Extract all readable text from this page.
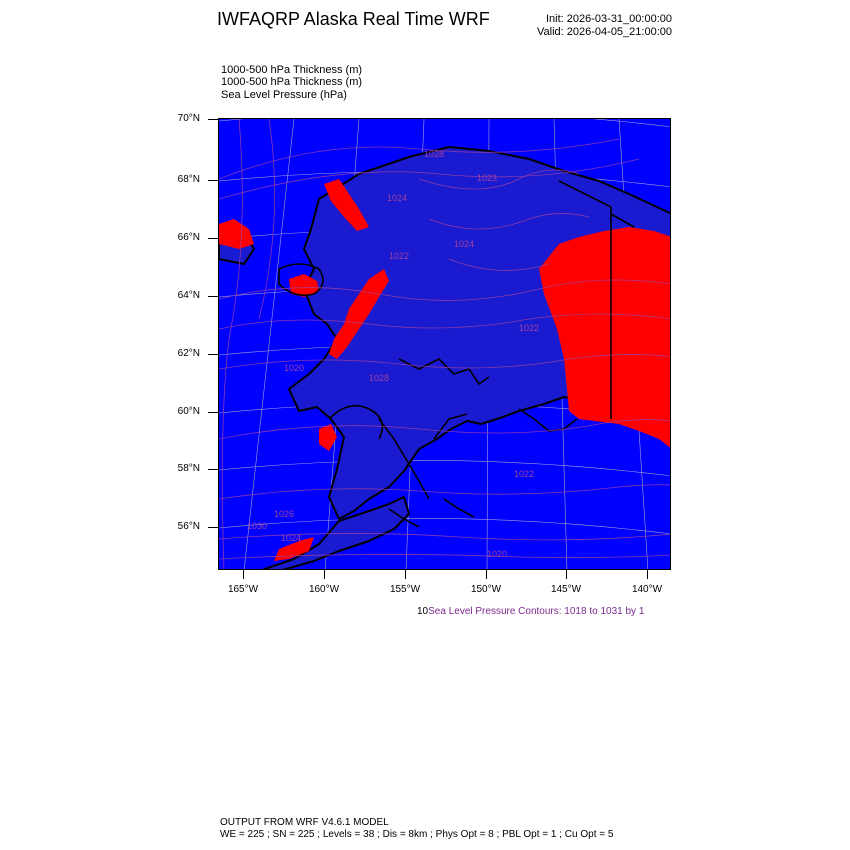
IWFAQRP Alaska Real Time WRF	Init: 2026-03-31_00:00:00
Valid: 2026-04-05_21:00:00
1000-500 hPa Thickness (m)
1000-500 hPa Thickness (m)
Sea Level Pressure (hPa)
70°N
68°N
66°N
64°N
62°N
60°N
58°N
56°N
165°W	160°W	155°W	150°W	145°W	140°W
1028
1024
1024
1023
1022
1022
1022
1020
1020
1030
1026
1028
1024
10Sea Level Pressure Contours: 1018 to 1031 by 1
OUTPUT FROM WRF V4.6.1 MODEL
WE = 225 ; SN = 225 ; Levels = 38 ; Dis = 8km ; Phys Opt = 8 ; PBL Opt = 1 ; Cu Opt = 5
